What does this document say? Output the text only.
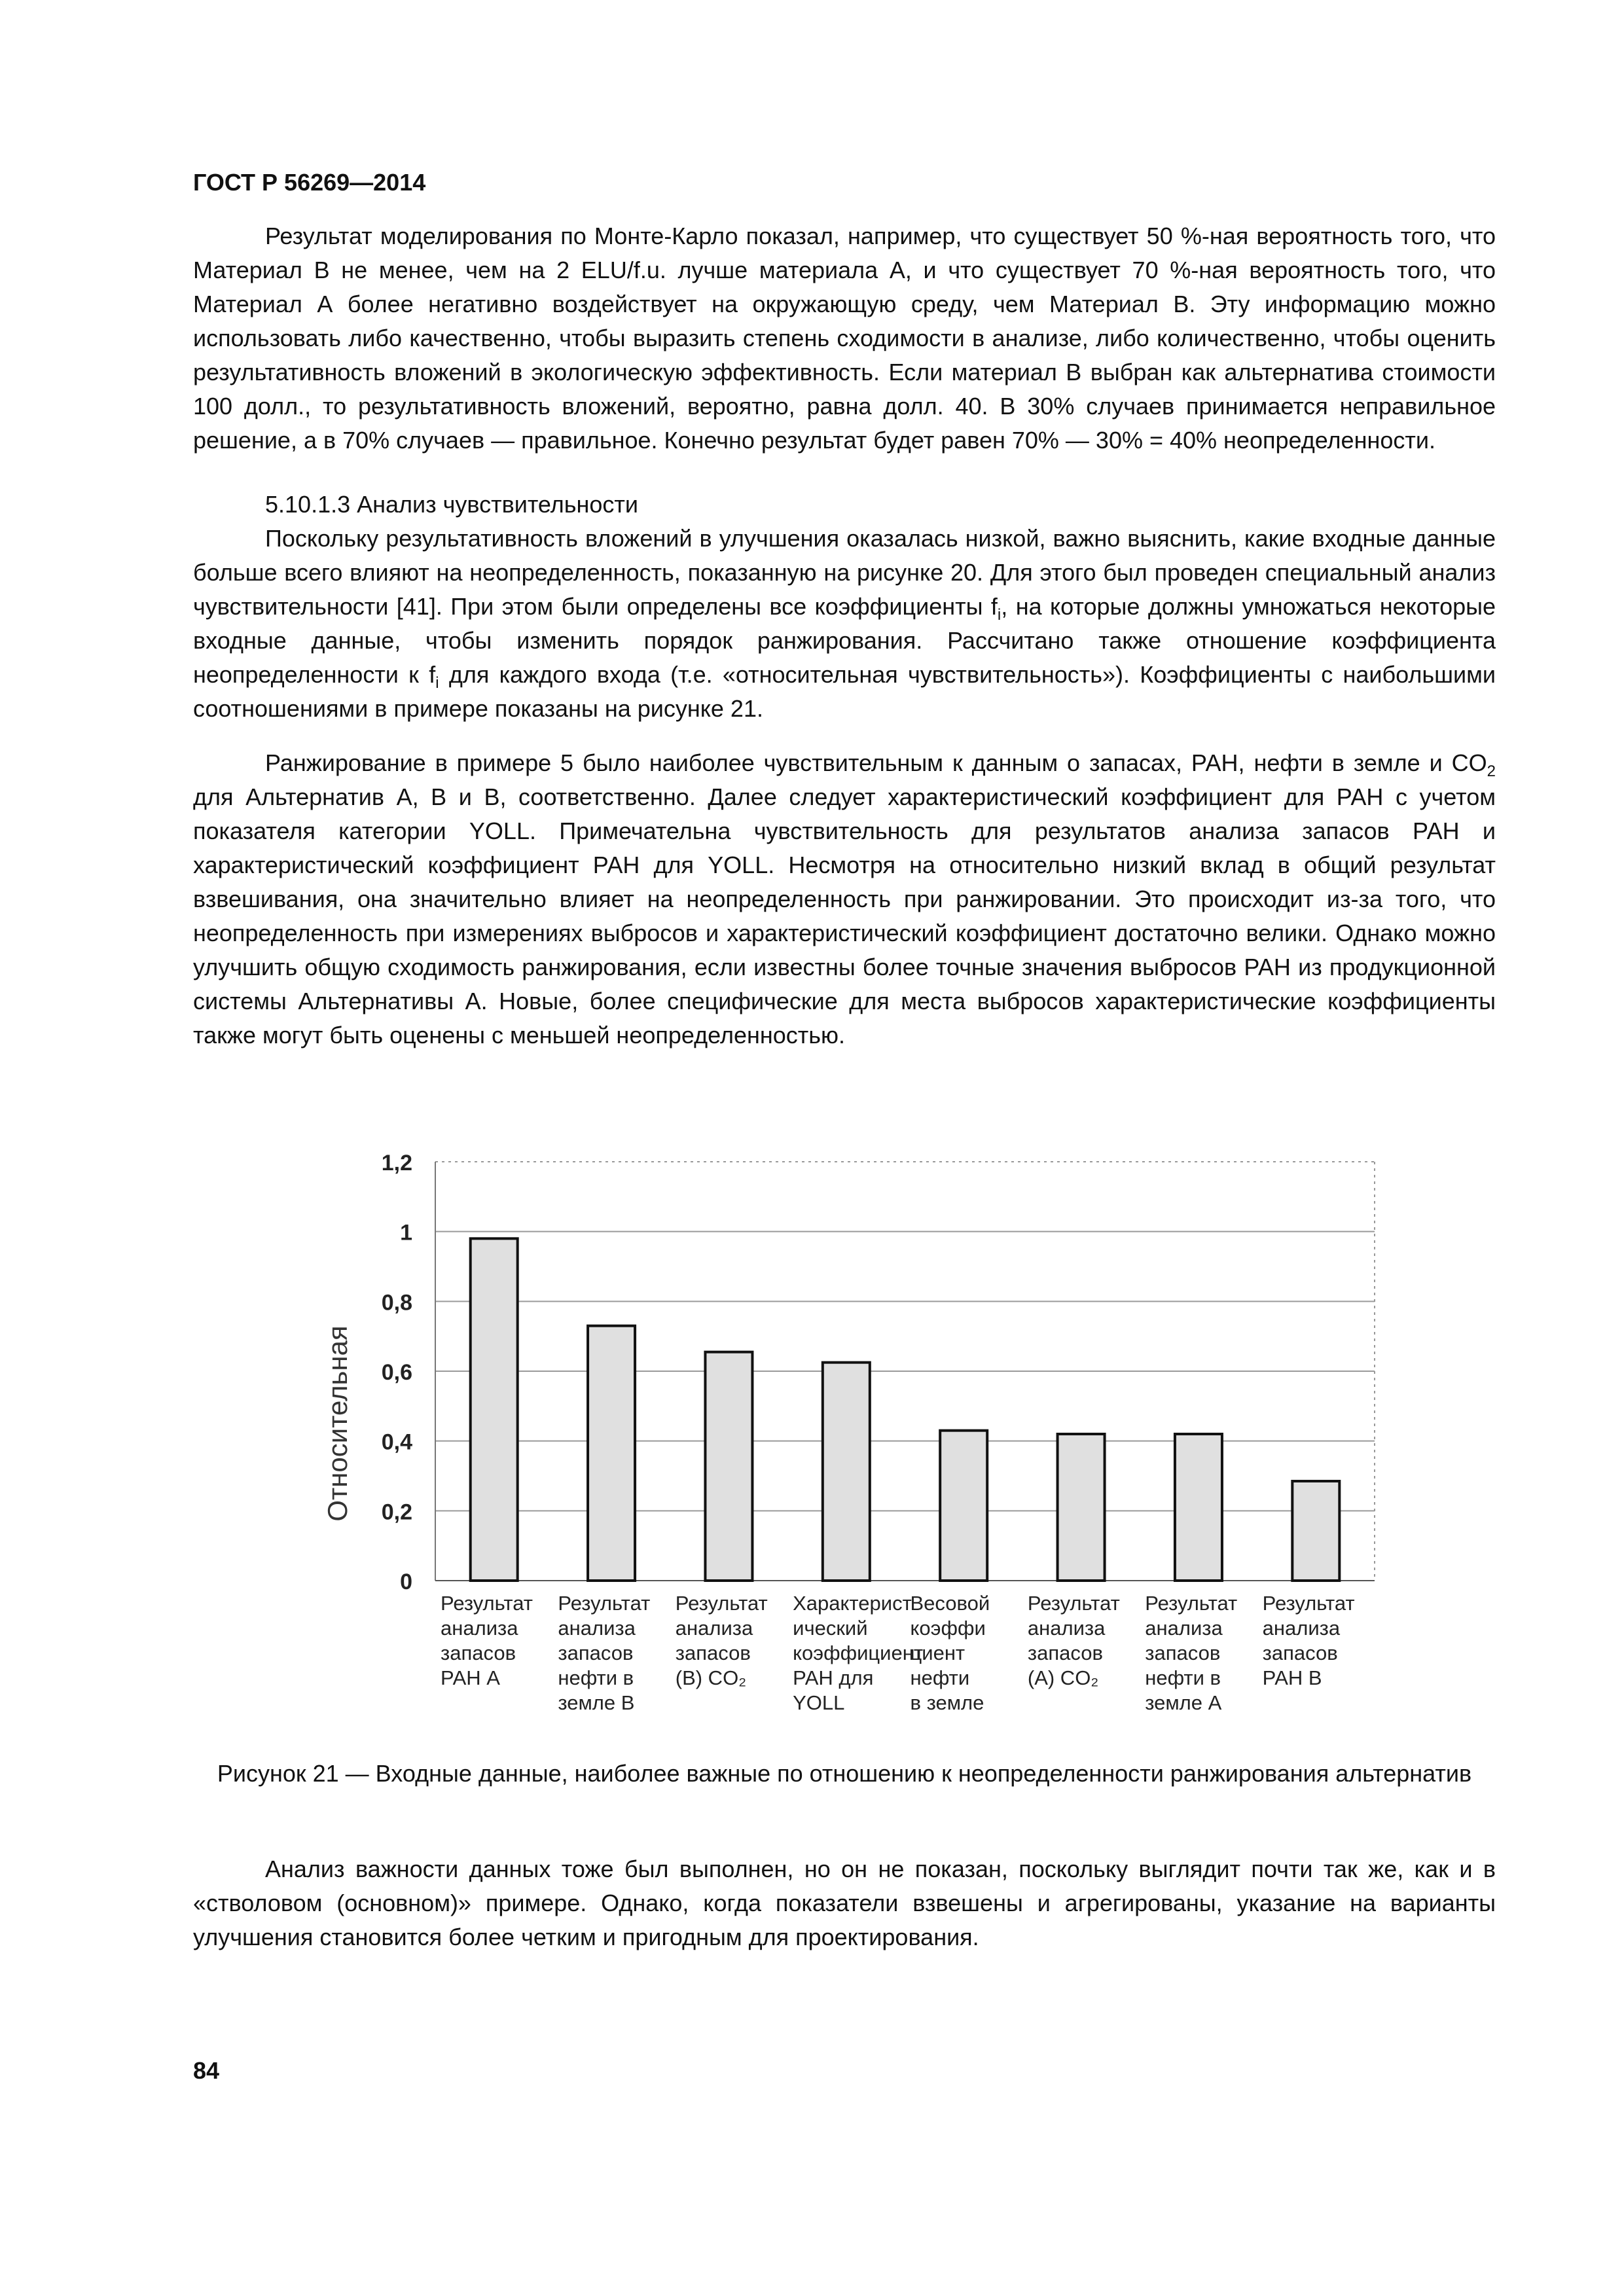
ГОСТ Р 56269—2014

Результат моделирования по Монте-Карло показал, например, что существует 50 %-ная вероятность того, что Материал В не менее, чем на 2 ELU/f.u. лучше материала А, и что существует 70 %-ная вероятность того, что Материал А более негативно воздействует на окружающую среду, чем Материал В. Эту информацию можно использовать либо качественно, чтобы выразить степень сходимости в анализе, либо количественно, чтобы оценить результативность вложений в экологическую эффективность. Если материал В выбран как альтернатива стоимости 100 долл., то результативность вложений, вероятно, равна долл. 40. В 30% случаев принимается неправильное решение, а в 70% случаев — правильное. Конечно результат будет равен 70% — 30% = 40% неопределенности.

5.10.1.3 Анализ чувствительности

Поскольку результативность вложений в улучшения оказалась низкой, важно выяснить, какие входные данные больше всего влияют на неопределенность, показанную на рисунке 20. Для этого был проведен специальный анализ чувствительности [41]. При этом были определены все коэффициенты $f_i$, на которые должны умножаться некоторые входные данные, чтобы изменить порядок ранжирования. Рассчитано также отношение коэффициента неопределенности к $f_i$ для каждого входа (т.е. «относительная чувствительность»). Коэффициенты с наибольшими соотношениями в примере показаны на рисунке 21.

Ранжирование в примере 5 было наиболее чувствительным к данным о запасах, РАН, нефти в земле и $CO_2$ для Альтернатив А, В и В, соответственно. Далее следует характеристический коэффициент для РАН с учетом показателя категории YOLL. Примечательна чувствительность для результатов анализа запасов РАН и характеристический коэффициент РАН для YOLL. Несмотря на относительно низкий вклад в общий результат взвешивания, она значительно влияет на неопределенность при ранжировании. Это происходит из-за того, что неопределенность при измерениях выбросов и характеристический коэффициент достаточно велики. Однако можно улучшить общую сходимость ранжирования, если известны более точные значения выбросов РАН из продукционной системы Альтернативы А. Новые, более специфические для места выбросов характеристические коэффициенты также могут быть оценены с меньшей неопределенностью.

0
0,2
0,4
0,6
0,8
1
1,2
Относительная
Результат
анализа
запасов
РАН А
Результат
анализа
запасов
нефти в
земле В
Результат
анализа
запасов
(В) CO₂
Характерист
ический
коэффициент
РАН для
YOLL
Весовой
коэффи
циент
нефти
в земле
Результат
анализа
запасов
(А) CO₂
Результат
анализа
запасов
нефти в
земле А
Результат
анализа
запасов
РАН В
Рисунок 21 — Входные данные, наиболее важные по отношению к неопределенности ранжирования альтернатив

Анализ важности данных тоже был выполнен, но он не показан, поскольку выглядит почти так же, как и в «стволовом (основном)» примере. Однако, когда показатели взвешены и агрегированы, указание на варианты улучшения становится более четким и пригодным для проектирования.

84
